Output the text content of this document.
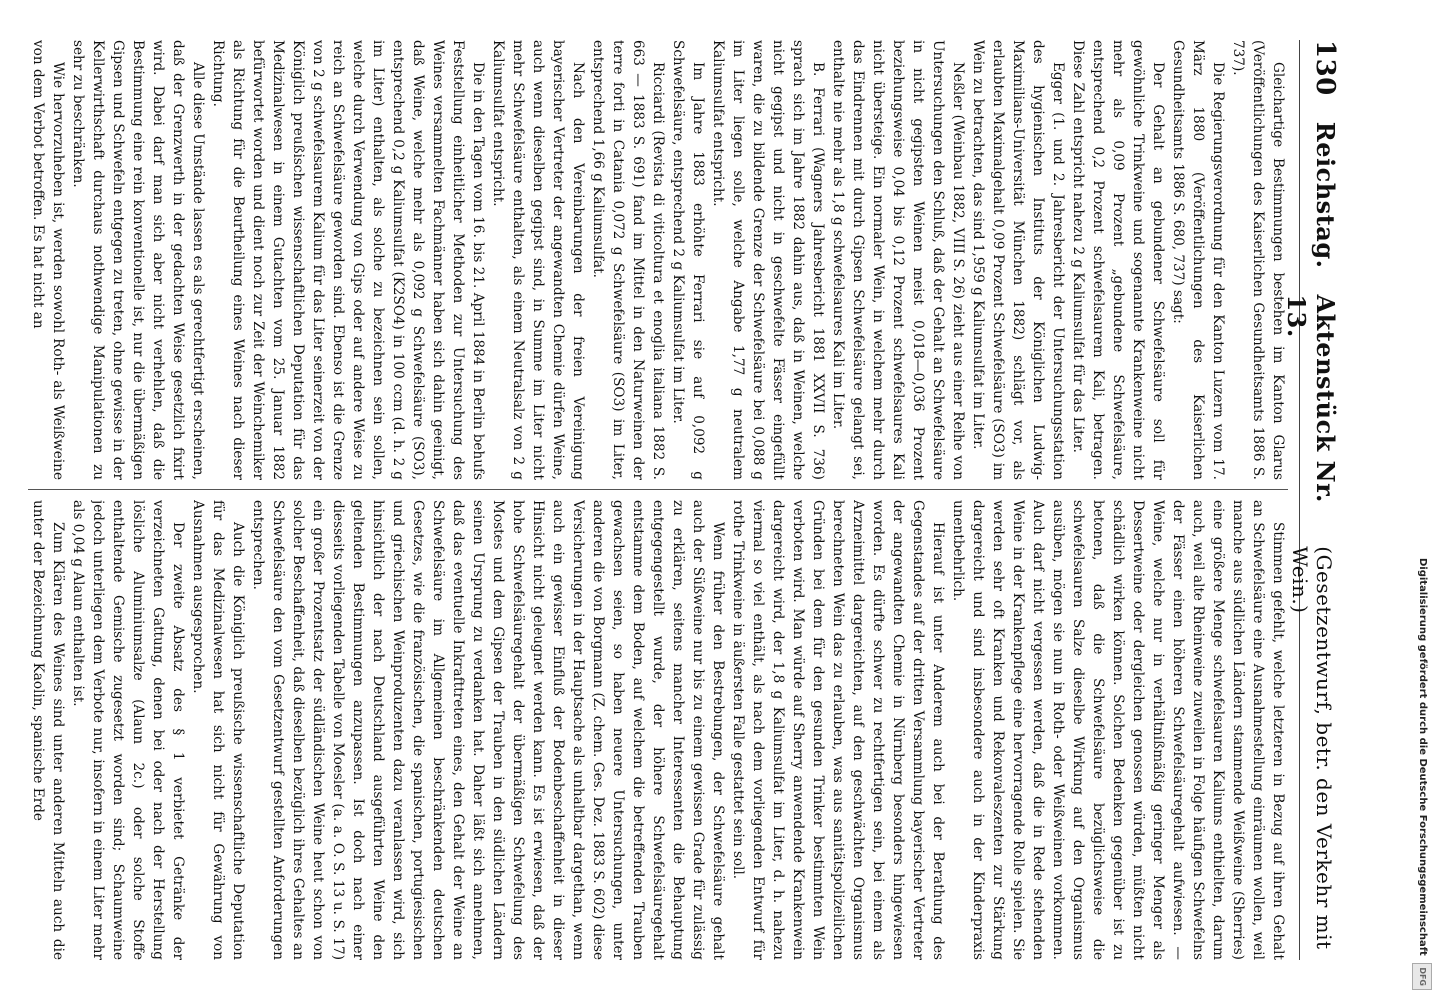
130
Reichstag.
Aktenstück Nr. 13.
(Gesetzentwurf, betr. den Verkehr mit Wein.)

Gleichartige Bestimmungen bestehen im Kanton Glarus (Veröffentlichungen des Kaiserlichen Gesundheitsamts 1886 S. 737).

Die Regierungsverordnung für den Kanton Luzern vom 17. März 1880 (Veröffentlichungen des Kaiserlichen Gesundheitsamts 1886 S. 680, 737) sagt:

Der Gehalt an gebundener Schwefelsäure soll für gewöhnliche Trinkweine und sogenannte Krankenweine nicht mehr als 0,09 Prozent „gebundene Schwefelsäure, entsprechend 0,2 Prozent schwefelsaurem Kali, betragen. Diese Zahl entspricht nahezu 2 g Kaliumsulfat für das Liter.

Egger (1. und 2. Jahresbericht der Untersuchungsstation des hygienischen Instituts der Königlichen Ludwig-Maximilians-Universität München 1882) schlägt vor, als erlaubten Maximalgehalt 0,09 Prozent Schwefelsäure (SO3) im Wein zu betrachten, das sind 1,959 g Kaliumsulfat im Liter.

Neßler (Weinbau 1882, VIII S. 26) zieht aus einer Reihe von Untersuchungen den Schluß, daß der Gehalt an Schwefelsäure in nicht gegipsten Weinen meist 0,018—0,036 Prozent beziehungsweise 0,04 bis 0,12 Prozent schwefelsaures Kali nicht übersteige. Ein normaler Wein, in welchem mehr durch das Eindrennen mit durch Gipsen Schwefelsäure gelangt sei, enthalte nie mehr als 1,8 g schwefelsaures Kali im Liter.

B. Ferrari (Wagners Jahresbericht 1881 XXVII S. 736) sprach sich im Jahre 1882 dahin aus, daß in Weinen, welche nicht gegipst und nicht in geschwefelte Fässer eingefüllt waren, die zu bildende Grenze der Schwefelsäure bei 0,088 g im Liter liegen solle, welche Angabe 1,77 g neutralem Kaliumsulfat entspricht.

Im Jahre 1883 erhöhte Ferrari sie auf 0,092 g Schwefelsäure, entsprechend 2 g Kaliumsulfat im Liter.

Ricciardi (Revista di viticoltura et enoglia italiana 1882 S. 663 — 1883 S. 691) fand im Mittel in den Naturweinen der terre forti in Catania 0,072 g Schwefelsäure (SO3) im Liter, entsprechend 1,66 g Kaliumsulfat.

Nach den Vereinbarungen der freien Vereinigung bayerischer Vertreter der angewandten Chemie dürfen Weine, auch wenn dieselben gegipst sind, in Summe im Liter nicht mehr Schwefelsäure enthalten, als einem Neutralsalz von 2 g Kaliumsulfat entspricht.

Die in den Tagen vom 16. bis 21. April 1884 in Berlin behufs Feststellung einheitlicher Methoden zur Untersuchung des Weines versammelten Fachmänner haben sich dahin geeinigt, daß Weine, welche mehr als 0,092 g Schwefelsäure (SO3), entsprechend 0,2 g Kaliumsulfat (K2SO4) in 100 ccm (d. h. 2 g im Liter) enthalten, als solche zu bezeichnen sein sollen, welche durch Verwendung von Gips oder auf andere Weise zu reich an Schwefelsäure geworden sind. Ebenso ist die Grenze von 2 g schwefelsaurem Kalium für das Liter seinerzeit von der Königlich preußischen wissenschaftlichen Deputation für das Medizinalwesen in einem Gutachten vom 25. Januar 1882 befürwortet worden und dient noch zur Zeit der Weinchemiker als Richtung für die Beurtheilung eines Weines nach dieser Richtung.

Alle diese Umstände lassen es als gerechtfertigt erscheinen, daß der Grenzwerth in der gedachten Weise gesetzlich fixirt wird. Dabei darf man sich aber nicht verhehlen, daß die Bestimmung eine rein konventionelle ist, nur die übermäßigen Gipsen und Schwefeln entgegen zu treten, ohne gewisse in der Kellerwirthschaft durchaus nothwendige Manipulationen zu sehr zu beschränken.

Wie hervorzuheben ist, werden sowohl Roth- als Weißweine von dem Verbot betroffen. Es hat nicht an

Stimmen gefehlt, welche letzteren in Bezug auf ihren Gehalt an Schwefelsäure eine Ausnahmestellung einräumen wollen, weil manche aus südlichen Ländern stammende Weißweine (Sherries) eine größere Menge schwefelsauren Kaliums enthielten, darum auch, weil alte Rheinweine zuweilen in Folge häufigen Schwefelns der Fässer einen höheren Schwefelsäuregehalt aufwiesen. — Weine, welche nur in verhältnißmäßig geringer Menger als Dessertweine oder dergleichen genossen würden, müßten nicht schädlich wirken können. Solchen Bedenken gegenüber ist zu betonen, daß die Schwefelsäure bezüglichsweise die schwefelsauren Salze dieselbe Wirkung auf den Organismus ausüben, mögen sie nun in Roth- oder Weißweinen vorkommen. Auch darf nicht vergessen werden, daß die in Rede stehenden Weine in der Krankenpflege eine hervorragende Rolle spielen. Sie werden sehr oft Kranken und Rekonvaleszenten zur Stärkung dargereicht und sind insbesondere auch in der Kinderpraxis unentbehrlich.

Hierauf ist unter Anderem auch bei der Berathung des Gegenstandes auf der dritten Versammlung bayerischer Vertreter der angewandten Chemie in Nürnberg besonders hingewiesen worden. Es dürfte schwer zu rechtfertigen sein, bei einem als Arzneimittel dargereichten, auf den geschwächten Organismus berechneten Wein das zu erlauben, was aus sanitätspolizeilichen Gründen bei dem für den gesunden Trinker bestimmten Wein verboten wird. Man würde auf Sherry anwendende Krankenwein dargereicht wird, der 1,8 g Kaliumsulfat im Liter, d. h. nahezu viermal so viel enthält, als nach dem vorliegenden Entwurf für rothe Trinkweine in äußersten Falle gestattet sein soll.

Wenn früher den Bestrebungen, der Schwefelsäure gehalt auch der Süßweine nur bis zu einem gewissen Grade für zulässig zu erklären, seitens mancher Interessenten die Behauptung entgegengestellt wurde, der höhere Schwefelsäuregehalt entstamme dem Boden, auf welchem die betreffenden Trauben gewachsen seien, so haben neuere Untersuchungen, unter anderen die von Borgmann (Z. chem. Ges. Dez. 1883 S. 602) diese Versicherungen in der Hauptsache als unhaltbar dargethan, wenn auch ein gewisser Einfluß der Bodenbeschaffenheit in dieser Hinsicht nicht geleugnet werden kann. Es ist erwiesen, daß der hohe Schwefelsäuregehalt der übermäßigen Schwefelung des Mostes und dem Gipsen der Trauben in den südlichen Ländern seinen Ursprung zu verdanken hat. Daher läßt sich annehmen, daß das eventuelle Inkrafttreten eines, den Gehalt der Weine an Schwefelsäure im Allgemeinen beschränkenden deutschen Gesetzes, wie die französischen, die spanischen, portugiesischen und griechischen Weinproduzenten dazu veranlassen wird, sich hinsichtlich der nach Deutschland ausgeführten Weine den geltenden Bestimmungen anzupassen. Ist doch nach einer diesseits vorliegenden Tabelle von Moesler (a. a. O. S. 13 u. S. 17) ein großer Prozentsatz der südländischen Weine heut schon von solcher Beschaffenheit, daß dieselben bezüglich ihres Gehaltes an Schwefelsäure den vom Gesetzentwurf gestellten Anforderungen entsprechen.

Auch die Königlich preußische wissenschaftliche Deputation für das Medizinalwesen hat sich nicht für Gewährung von Ausnahmen ausgesprochen.

Der zweite Absatz des § 1 verbietet Getränke der verzeichneten Gattung, denen bei oder nach der Herstellung lösliche Aluminiumsalze (Alaun 2c.) oder solche Stoffe enthaltende Gemische zugesetzt worden sind; Schaumweine jedoch unterliegen dem Verbote nur, insofern in einem Liter mehr als 0,04 g Alaun enthalten ist.

Zum Klären des Weines sind unter anderen Mitteln auch die unter der Bezeichnung Kaolin, spanische Erde	Digitalisierung gefördert durch die Deutsche Forschungsgemeinschaft DFG
